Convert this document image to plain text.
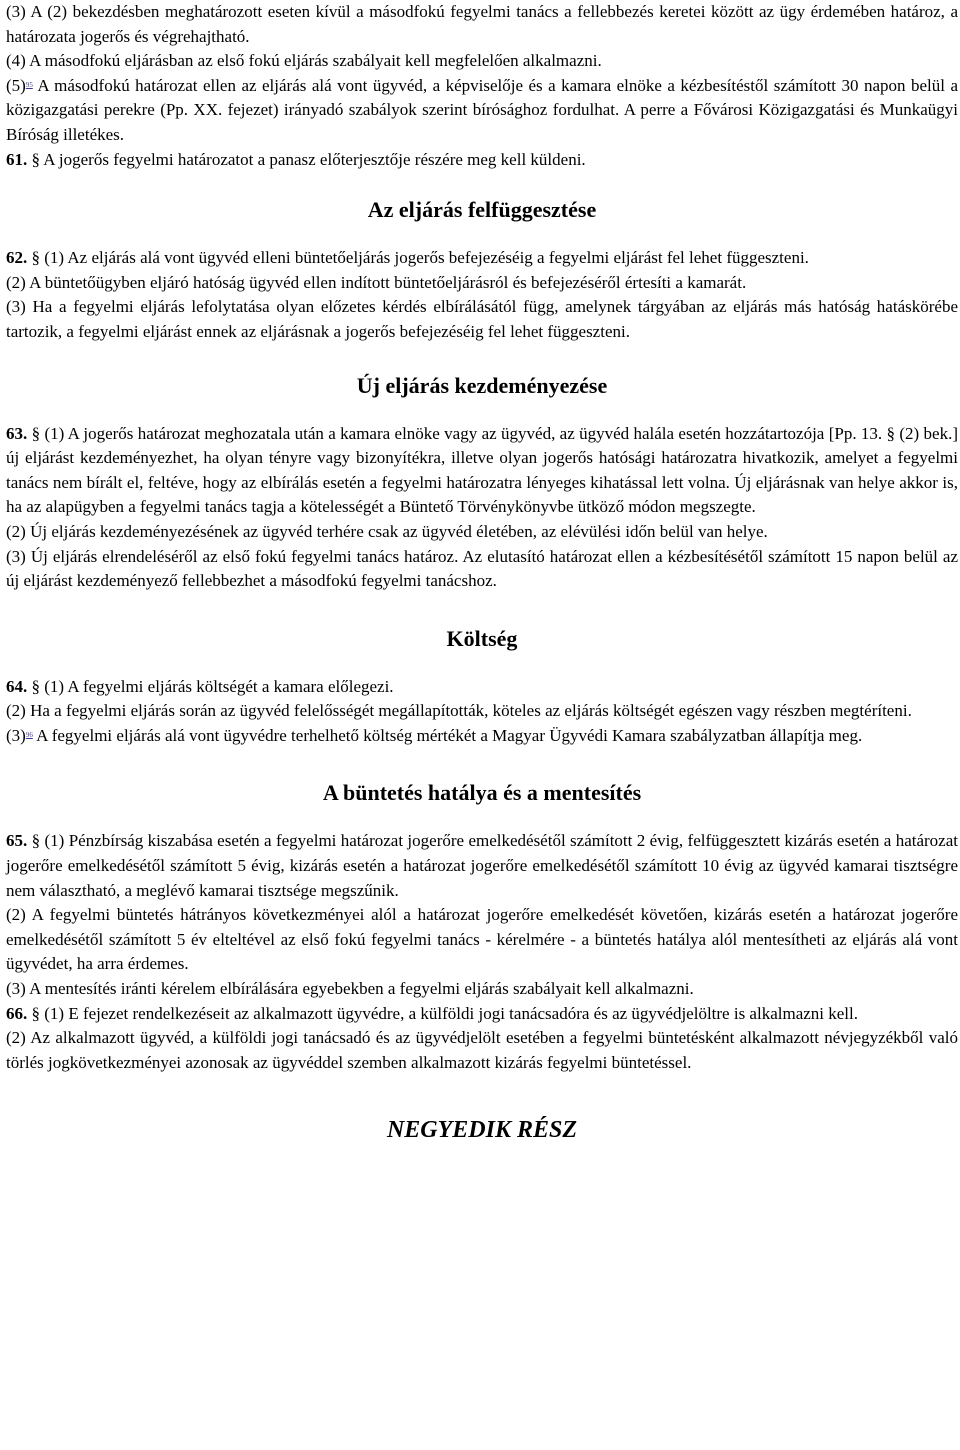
(3) A (2) bekezdésben meghatározott eseten kívül a másodfokú fegyelmi tanács a fellebbezés keretei között az ügy érdemében határoz, a határozata jogerős és végrehajtható.

(4) A másodfokú eljárásban az első fokú eljárás szabályait kell megfelelően alkalmazni.

(5)$^{95}$ A másodfokú határozat ellen az eljárás alá vont ügyvéd, a képviselője és a kamara elnöke a kézbesítéstől számított 30 napon belül a közigazgatási perekre (Pp. XX. fejezet) irányadó szabályok szerint bírósághoz fordulhat. A perre a Fővárosi Közigazgatási és Munkaügyi Bíróság illetékes.

61. § A jogerős fegyelmi határozatot a panasz előterjesztője részére meg kell küldeni.

Az eljárás felfüggesztése

62. § (1) Az eljárás alá vont ügyvéd elleni büntetőeljárás jogerős befejezéséig a fegyelmi eljárást fel lehet függeszteni.

(2) A büntetőügyben eljáró hatóság ügyvéd ellen indított büntetőeljárásról és befejezéséről értesíti a kamarát.

(3) Ha a fegyelmi eljárás lefolytatása olyan előzetes kérdés elbírálásától függ, amelynek tárgyában az eljárás más hatóság hatáskörébe tartozik, a fegyelmi eljárást ennek az eljárásnak a jogerős befejezéséig fel lehet függeszteni.

Új eljárás kezdeményezése

63. § (1) A jogerős határozat meghozatala után a kamara elnöke vagy az ügyvéd, az ügyvéd halála esetén hozzátartozója [Pp. 13. § (2) bek.] új eljárást kezdeményezhet, ha olyan tényre vagy bizonyítékra, illetve olyan jogerős hatósági határozatra hivatkozik, amelyet a fegyelmi tanács nem bírált el, feltéve, hogy az elbírálás esetén a fegyelmi határozatra lényeges kihatással lett volna. Új eljárásnak van helye akkor is, ha az alapügyben a fegyelmi tanács tagja a kötelességét a Büntető Törvénykönyvbe ütköző módon megszegte.

(2) Új eljárás kezdeményezésének az ügyvéd terhére csak az ügyvéd életében, az elévülési időn belül van helye.

(3) Új eljárás elrendeléséről az első fokú fegyelmi tanács határoz. Az elutasító határozat ellen a kézbesítésétől számított 15 napon belül az új eljárást kezdeményező fellebbezhet a másodfokú fegyelmi tanácshoz.

Költség

64. § (1) A fegyelmi eljárás költségét a kamara előlegezi.

(2) Ha a fegyelmi eljárás során az ügyvéd felelősségét megállapították, köteles az eljárás költségét egészen vagy részben megtéríteni.

(3)$^{96}$ A fegyelmi eljárás alá vont ügyvédre terhelhető költség mértékét a Magyar Ügyvédi Kamara szabályzatban állapítja meg.

A büntetés hatálya és a mentesítés

65. § (1) Pénzbírság kiszabása esetén a fegyelmi határozat jogerőre emelkedésétől számított 2 évig, felfüggesztett kizárás esetén a határozat jogerőre emelkedésétől számított 5 évig, kizárás esetén a határozat jogerőre emelkedésétől számított 10 évig az ügyvéd kamarai tisztségre nem választható, a meglévő kamarai tisztsége megszűnik.

(2) A fegyelmi büntetés hátrányos következményei alól a határozat jogerőre emelkedését követően, kizárás esetén a határozat jogerőre emelkedésétől számított 5 év elteltével az első fokú fegyelmi tanács - kérelmére - a büntetés hatálya alól mentesítheti az eljárás alá vont ügyvédet, ha arra érdemes.

(3) A mentesítés iránti kérelem elbírálására egyebekben a fegyelmi eljárás szabályait kell alkalmazni.

66. § (1) E fejezet rendelkezéseit az alkalmazott ügyvédre, a külföldi jogi tanácsadóra és az ügyvédjelöltre is alkalmazni kell.

(2) Az alkalmazott ügyvéd, a külföldi jogi tanácsadó és az ügyvédjelölt esetében a fegyelmi büntetésként alkalmazott névjegyzékből való törlés jogkövetkezményei azonosak az ügyvéddel szemben alkalmazott kizárás fegyelmi büntetéssel.

NEGYEDIK RÉSZ
